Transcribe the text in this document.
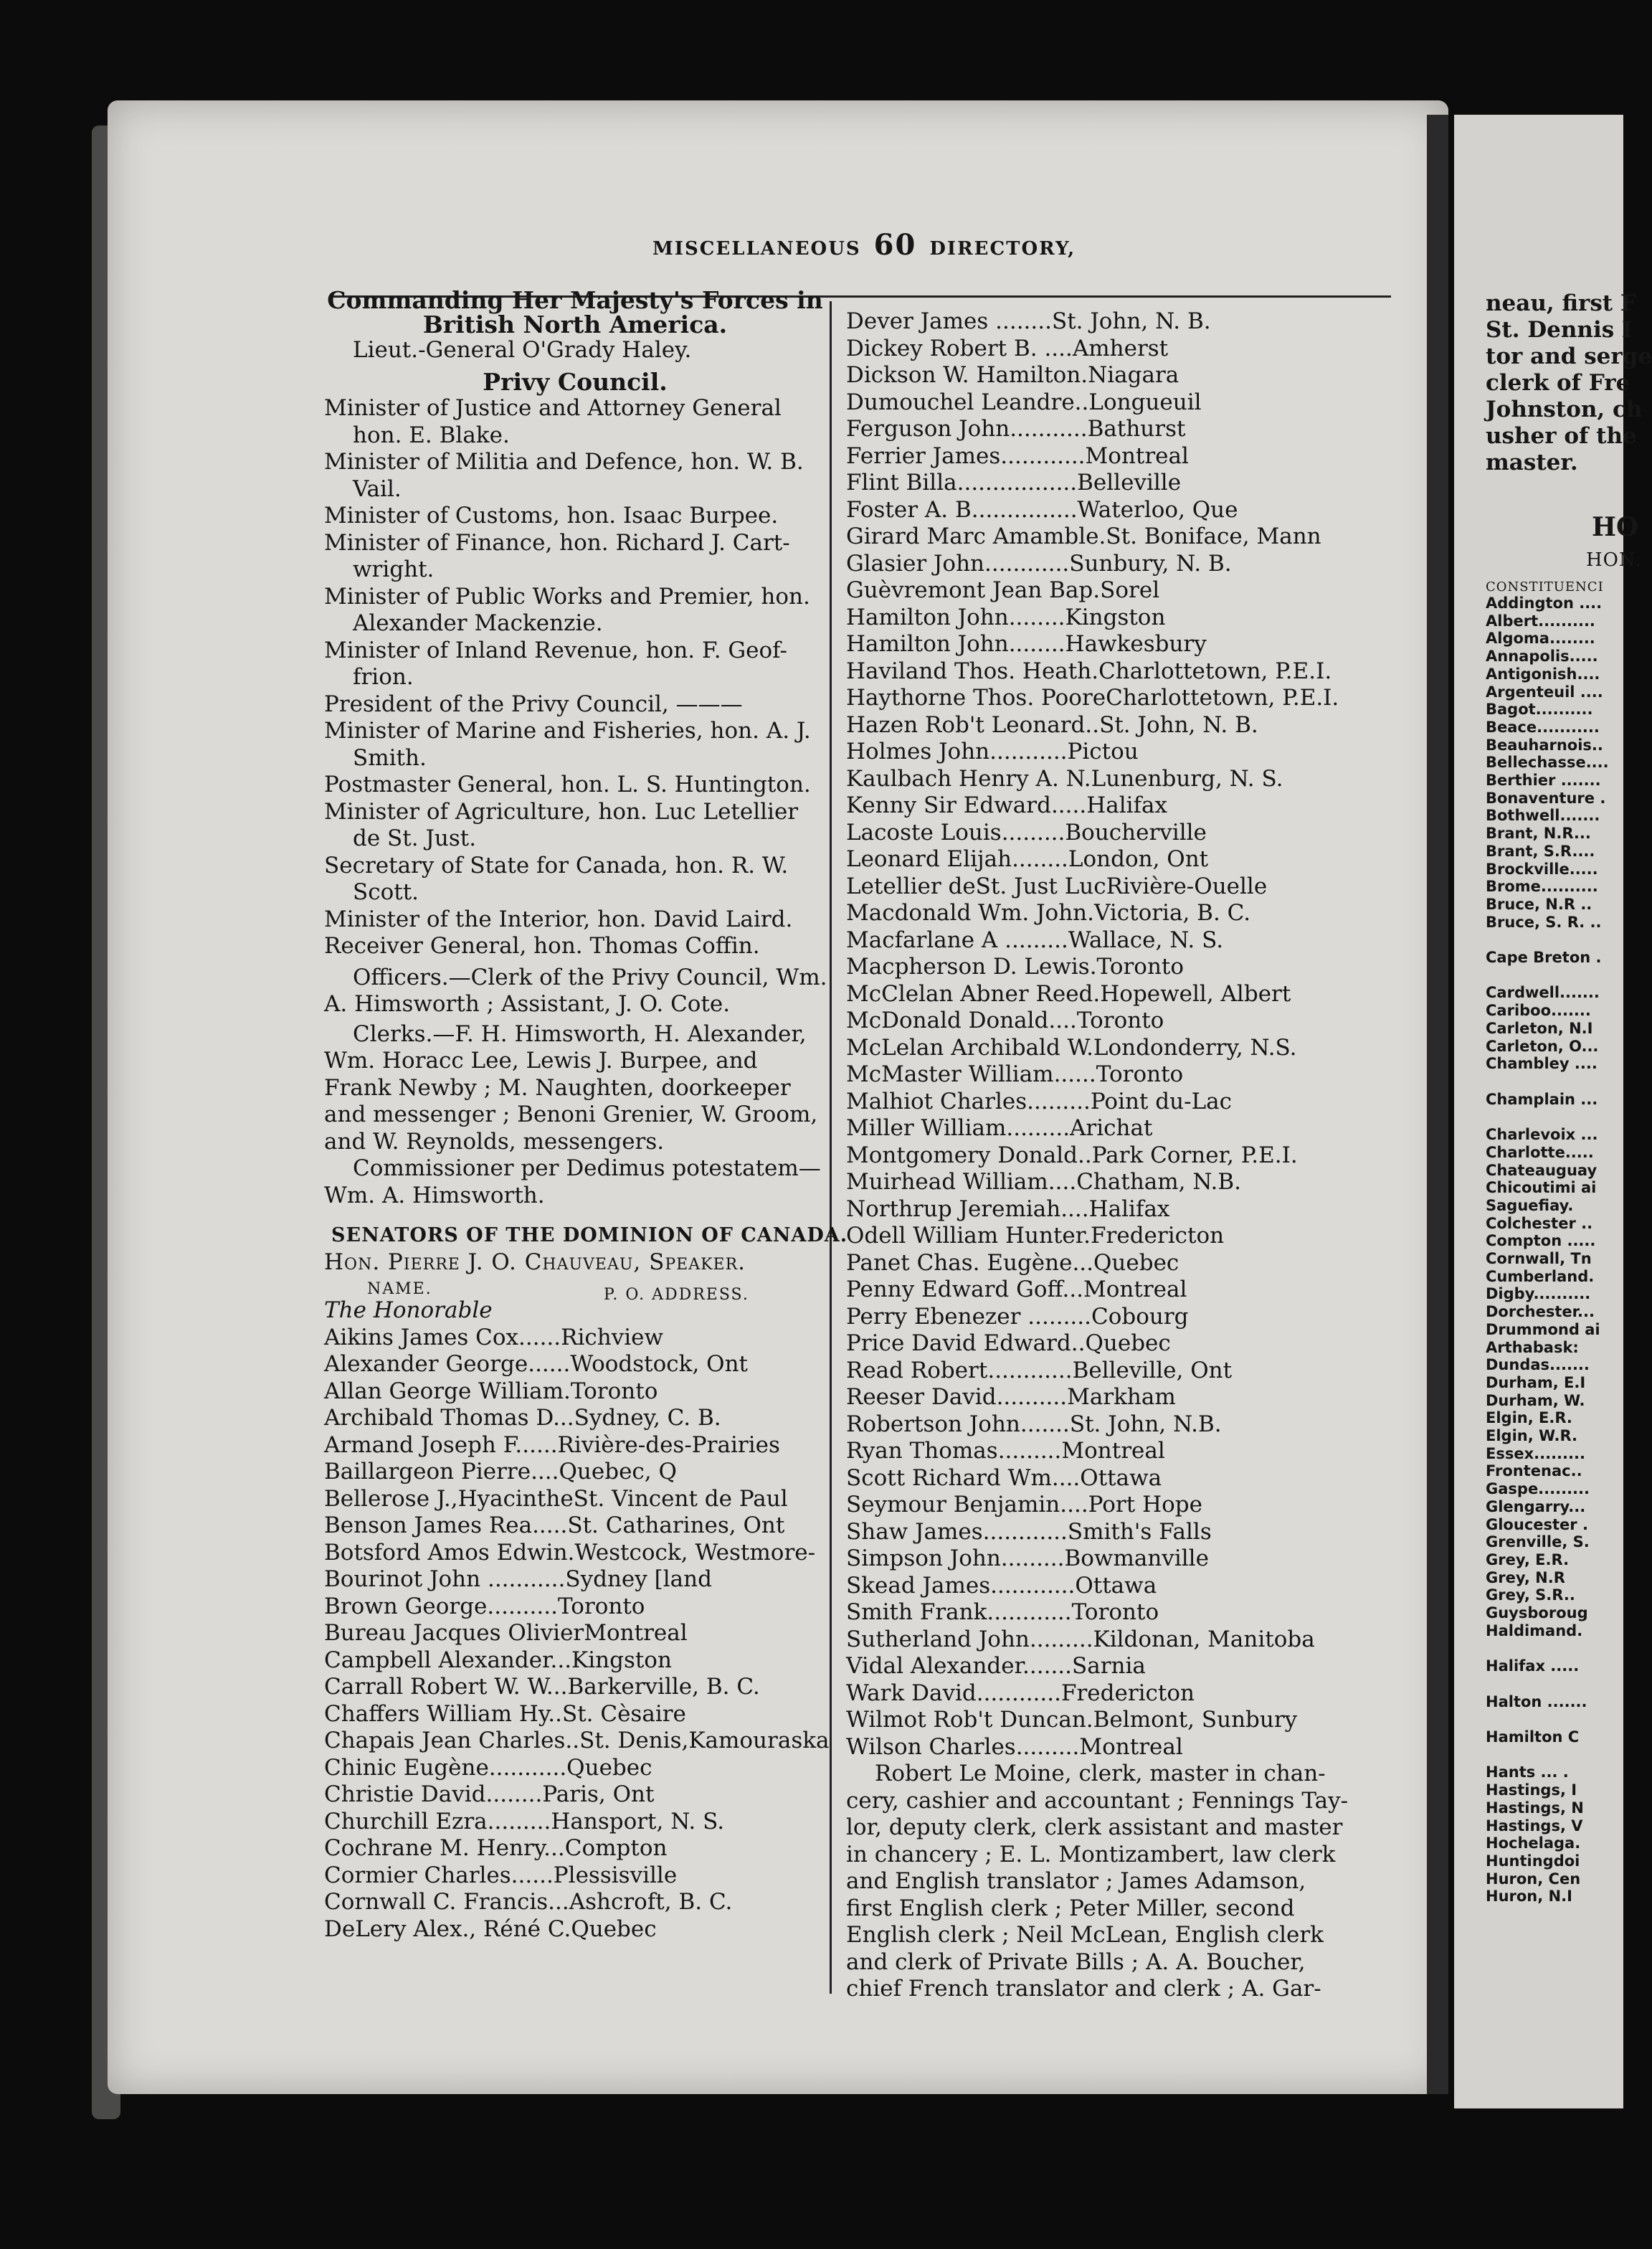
MISCELLANEOUS 60 DIRECTORY,
Commanding Her Majesty's Forces in
British North America.
Lieut.-General O'Grady Haley.
Privy Council.
Minister of Justice and Attorney General
hon. E. Blake.
Minister of Militia and Defence, hon. W. B.
Vail.
Minister of Customs, hon. Isaac Burpee.
Minister of Finance, hon. Richard J. Cart-
wright.
Minister of Public Works and Premier, hon.
Alexander Mackenzie.
Minister of Inland Revenue, hon. F. Geof-
frion.
President of the Privy Council, ———
Minister of Marine and Fisheries, hon. A. J.
Smith.
Postmaster General, hon. L. S. Huntington.
Minister of Agriculture, hon. Luc Letellier
de St. Just.
Secretary of State for Canada, hon. R. W.
Scott.
Minister of the Interior, hon. David Laird.
Receiver General, hon. Thomas Coffin.
Officers.—Clerk of the Privy Council, Wm.
A. Himsworth ; Assistant, J. O. Cote.
Clerks.—F. H. Himsworth, H. Alexander,
Wm. Horacc Lee, Lewis J. Burpee, and
Frank Newby ; M. Naughten, doorkeeper
and messenger ; Benoni Grenier, W. Groom,
and W. Reynolds, messengers.
Commissioner per Dedimus potestatem—
Wm. A. Himsworth.
SENATORS OF THE DOMINION OF CANADA.
Hon. Pierre J. O. Chauveau, Speaker.
NAME.	P. O. ADDRESS.
The Honorable
Aikins James Cox......Richview
Alexander George......Woodstock, Ont
Allan George William.Toronto
Archibald Thomas D...Sydney, C. B.
Armand Joseph F......Rivière-des-Prairies
Baillargeon Pierre....Quebec, Q
Bellerose J.,HyacintheSt. Vincent de Paul
Benson James Rea.....St. Catharines, Ont
Botsford Amos Edwin.Westcock, Westmore-
Bourinot John ...........Sydney [land
Brown George..........Toronto
Bureau Jacques OlivierMontreal
Campbell Alexander...Kingston
Carrall Robert W. W...Barkerville, B. C.
Chaffers William Hy..St. Cèsaire
Chapais Jean Charles..St. Denis,Kamouraska
Chinic Eugène...........Quebec
Christie David........Paris, Ont
Churchill Ezra.........Hansport, N. S.
Cochrane M. Henry...Compton
Cormier Charles......Plessisville
Cornwall C. Francis...Ashcroft, B. C.
DeLery Alex., Réné C.Quebec
Dever James ........St. John, N. B.
Dickey Robert B. ....Amherst
Dickson W. Hamilton.Niagara
Dumouchel Leandre..Longueuil
Ferguson John...........Bathurst
Ferrier James............Montreal
Flint Billa.................Belleville
Foster A. B...............Waterloo, Que
Girard Marc Amamble.St. Boniface, Mann
Glasier John............Sunbury, N. B.
Guèvremont Jean Bap.Sorel
Hamilton John........Kingston
Hamilton John........Hawkesbury
Haviland Thos. Heath.Charlottetown, P.E.I.
Haythorne Thos. PooreCharlottetown, P.E.I.
Hazen Rob't Leonard..St. John, N. B.
Holmes John...........Pictou
Kaulbach Henry A. N.Lunenburg, N. S.
Kenny Sir Edward.....Halifax
Lacoste Louis.........Boucherville
Leonard Elijah........London, Ont
Letellier deSt. Just LucRivière-Ouelle
Macdonald Wm. John.Victoria, B. C.
Macfarlane A .........Wallace, N. S.
Macpherson D. Lewis.Toronto
McClelan Abner Reed.Hopewell, Albert
McDonald Donald....Toronto
McLelan Archibald W.Londonderry, N.S.
McMaster William......Toronto
Malhiot Charles.........Point du-Lac
Miller William.........Arichat
Montgomery Donald..Park Corner, P.E.I.
Muirhead William....Chatham, N.B.
Northrup Jeremiah....Halifax
Odell William Hunter.Fredericton
Panet Chas. Eugène...Quebec
Penny Edward Goff...Montreal
Perry Ebenezer .........Cobourg
Price David Edward..Quebec
Read Robert............Belleville, Ont
Reeser David..........Markham
Robertson John.......St. John, N.B.
Ryan Thomas.........Montreal
Scott Richard Wm....Ottawa
Seymour Benjamin....Port Hope
Shaw James............Smith's Falls
Simpson John.........Bowmanville
Skead James............Ottawa
Smith Frank............Toronto
Sutherland John.........Kildonan, Manitoba
Vidal Alexander.......Sarnia
Wark David............Fredericton
Wilmot Rob't Duncan.Belmont, Sunbury
Wilson Charles.........Montreal
Robert Le Moine, clerk, master in chan-
cery, cashier and accountant ; Fennings Tay-
lor, deputy clerk, clerk assistant and master
in chancery ; E. L. Montizambert, law clerk
and English translator ; James Adamson,
first English clerk ; Peter Miller, second
English clerk ; Neil McLean, English clerk
and clerk of Private Bills ; A. A. Boucher,
chief French translator and clerk ; A. Gar-
neau, first F
St. Dennis I
tor and serge
clerk of Fre
Johnston, ch
usher of the
master.
HO
HON.
CONSTITUENCI
Addington ....
Albert..........
Algoma........
Annapolis.....
Antigonish....
Argenteuil ....
Bagot..........
Beace...........
Beauharnois..
Bellechasse....
Berthier .......
Bonaventure .
Bothwell.......
Brant, N.R...
Brant, S.R....
Brockville.....
Brome..........
Bruce, N.R ..
Bruce, S. R. ..

Cape Breton .

Cardwell.......
Cariboo.......
Carleton, N.I
Carleton, O...
Chambley ....

Champlain ...

Charlevoix ...
Charlotte.....
Chateauguay
Chicoutimi ai
Saguefiay.
Colchester ..
Compton .....
Cornwall, Tn
Cumberland.
Digby..........
Dorchester...
Drummond ai
Arthabask:
Dundas.......
Durham, E.I
Durham, W.
Elgin, E.R.
Elgin, W.R.
Essex.........
Frontenac..
Gaspe.........
Glengarry...
Gloucester .
Grenville, S.
Grey, E.R.
Grey, N.R
Grey, S.R..
Guysboroug
Haldimand.

Halifax .....

Halton .......

Hamilton C

Hants ... .
Hastings, I
Hastings, N
Hastings, V
Hochelaga.
Huntingdoi
Huron, Cen
Huron, N.I
